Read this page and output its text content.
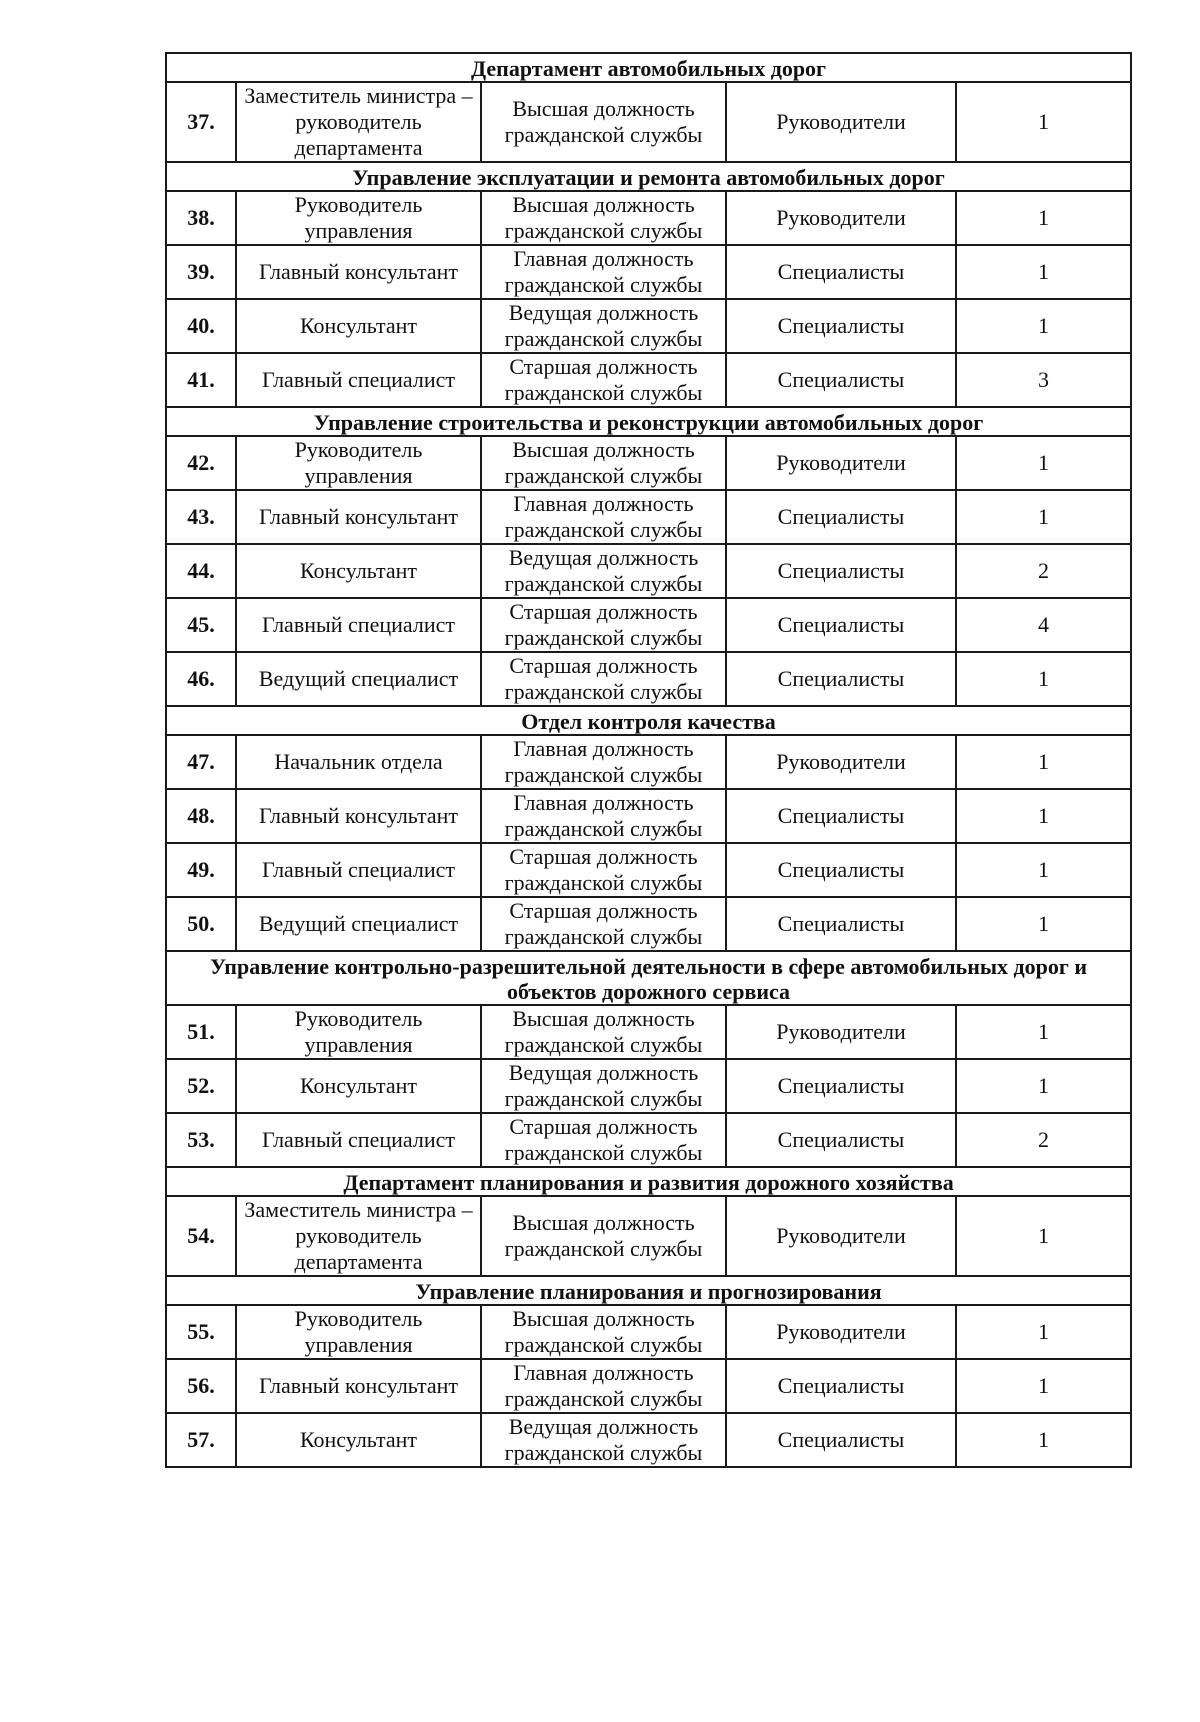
Департамент автомобильных дорог				
37.	Заместитель министра – руководитель департамента	Высшая должность гражданской службы	Руководители	1
Управление эксплуатации и ремонта автомобильных дорог				
38.	Руководитель управления	Высшая должность гражданской службы	Руководители	1
39.	Главный консультант	Главная должность гражданской службы	Специалисты	1
40.	Консультант	Ведущая должность гражданской службы	Специалисты	1
41.	Главный специалист	Старшая должность гражданской службы	Специалисты	3
Управление строительства и реконструкции автомобильных дорог				
42.	Руководитель управления	Высшая должность гражданской службы	Руководители	1
43.	Главный консультант	Главная должность гражданской службы	Специалисты	1
44.	Консультант	Ведущая должность гражданской службы	Специалисты	2
45.	Главный специалист	Старшая должность гражданской службы	Специалисты	4
46.	Ведущий специалист	Старшая должность гражданской службы	Специалисты	1
Отдел контроля качества				
47.	Начальник отдела	Главная должность гражданской службы	Руководители	1
48.	Главный консультант	Главная должность гражданской службы	Специалисты	1
49.	Главный специалист	Старшая должность гражданской службы	Специалисты	1
50.	Ведущий специалист	Старшая должность гражданской службы	Специалисты	1
Управление контрольно-разрешительной деятельности в сфере автомобильных дорог и объектов дорожного сервиса				
51.	Руководитель управления	Высшая должность гражданской службы	Руководители	1
52.	Консультант	Ведущая должность гражданской службы	Специалисты	1
53.	Главный специалист	Старшая должность гражданской службы	Специалисты	2
Департамент планирования и развития дорожного хозяйства				
54.	Заместитель министра – руководитель департамента	Высшая должность гражданской службы	Руководители	1
Управление планирования и прогнозирования				
55.	Руководитель управления	Высшая должность гражданской службы	Руководители	1
56.	Главный консультант	Главная должность гражданской службы	Специалисты	1
57.	Консультант	Ведущая должность гражданской службы	Специалисты	1
